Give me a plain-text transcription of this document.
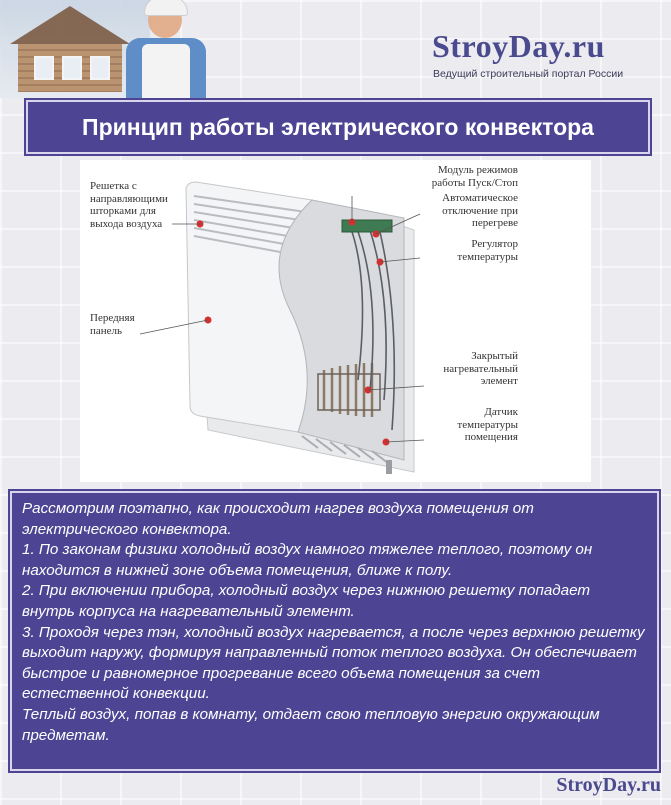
StroyDay.ru
Ведущий строительный портал России
Принцип работы электрического конвектора
Решетка с направляющими шторками для выхода воздуха
Передняя панель
Модуль режимов работы Пуск/Стоп
Автоматическое отключение при перегреве
Регулятор температуры
Закрытый нагревательный элемент
Датчик температуры помещения

Рассмотрим поэтапно, как происходит нагрев воздуха помещения от электрического конвектора.

1. По законам физики холодный воздух намного тяжелее теплого, поэтому он находится в нижней зоне объема помещения, ближе к полу.

2. При включении прибора, холодный воздух через нижнюю решетку попадает внутрь корпуса на нагревательный элемент.

3. Проходя через тэн, холодный воздух нагревается, а после через верхнюю решетку выходит наружу, формируя направленный поток теплого воздуха. Он обеспечивает быстрое и равномерное прогревание всего объема помещения за счет естественной конвекции.

Теплый воздух, попав в комнату, отдает свою тепловую энергию окружающим предметам.

StroyDay.ru
